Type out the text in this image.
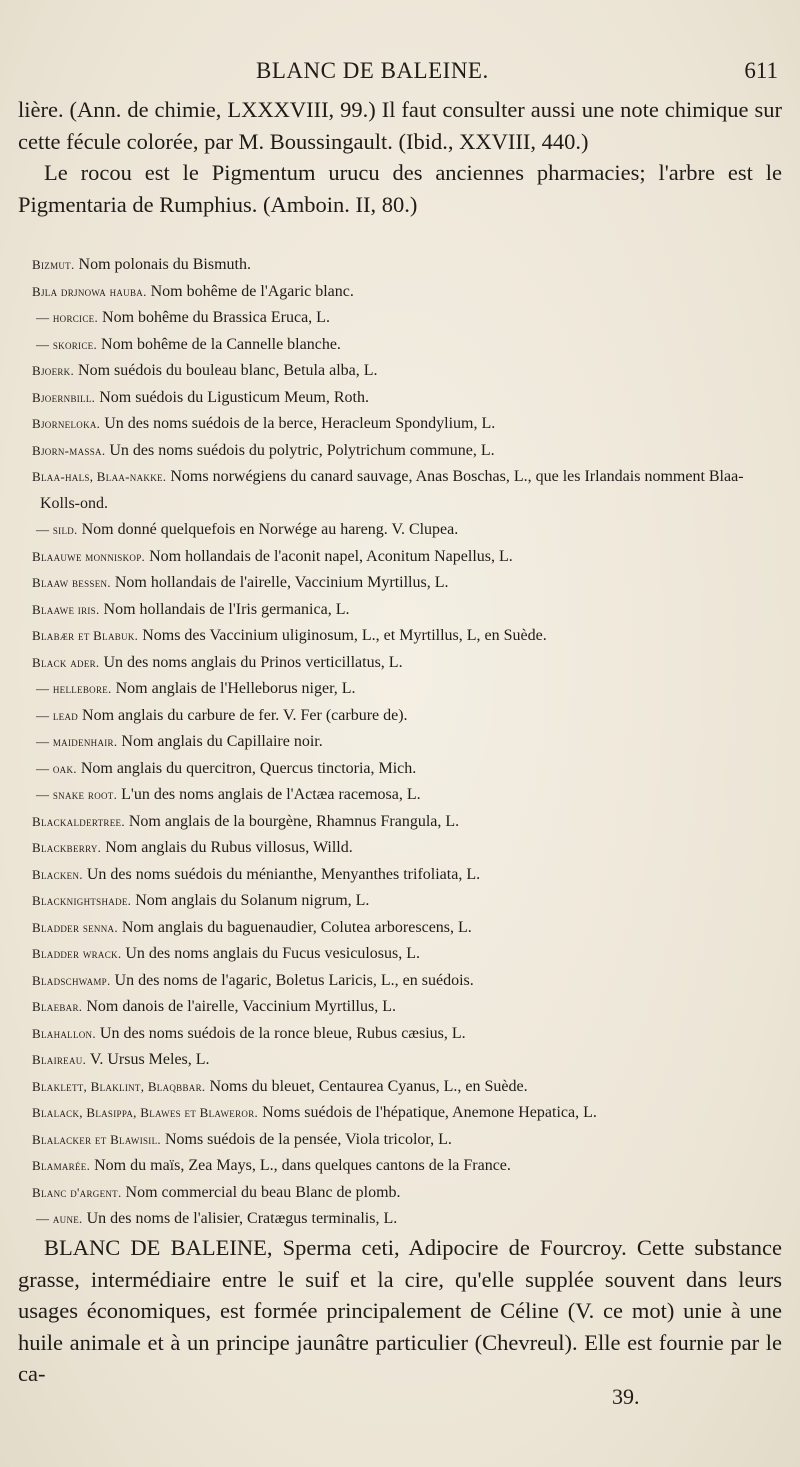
BLANC DE BALEINE.	611

lière. (Ann. de chimie, LXXXVIII, 99.) Il faut consulter aussi une note chimique sur cette fécule colorée, par M. Boussingault. (Ibid., XXVIII, 440.)

Le rocou est le Pigmentum urucu des anciennes pharmacies; l'arbre est le Pigmentaria de Rumphius. (Amboin. II, 80.)

Bizmut. Nom polonais du Bismuth.

Bjla drjnowa hauba. Nom bohême de l'Agaric blanc.

— horcice. Nom bohême du Brassica Eruca, L.

— skorice. Nom bohême de la Cannelle blanche.

Bjoerk. Nom suédois du bouleau blanc, Betula alba, L.

Bjoernbill. Nom suédois du Ligusticum Meum, Roth.

Bjornelokа. Un des noms suédois de la berce, Heracleum Spondylium, L.

Bjorn-massa. Un des noms suédois du polytric, Polytrichum commune, L.

Blaa-hals, Blaa-nakke. Noms norwégiens du canard sauvage, Anas Boschas, L., que les Irlandais nomment Blaa-Kolls-ond.

— sild. Nom donné quelquefois en Norwége au hareng. V. Clupea.

Blaauwe monniskop. Nom hollandais de l'aconit napel, Aconitum Napellus, L.

Blaaw bessen. Nom hollandais de l'airelle, Vaccinium Myrtillus, L.

Blaawe iris. Nom hollandais de l'Iris germanica, L.

Blabær et Blabuk. Noms des Vaccinium uliginosum, L., et Myrtillus, L, en Suède.

Black ader. Un des noms anglais du Prinos verticillatus, L.

— hellebore. Nom anglais de l'Helleborus niger, L.

— lead Nom anglais du carbure de fer. V. Fer (carbure de).

— maidenhair. Nom anglais du Capillaire noir.

— oak. Nom anglais du quercitron, Quercus tinctoria, Mich.

— snake root. L'un des noms anglais de l'Actæa racemosa, L.

Blackaldertree. Nom anglais de la bourgène, Rhamnus Frangula, L.

Blackberry. Nom anglais du Rubus villosus, Willd.

Blacken. Un des noms suédois du ménianthe, Menyanthes trifoliata, L.

Blacknightshade. Nom anglais du Solanum nigrum, L.

Bladder senna. Nom anglais du baguenaudier, Colutea arborescens, L.

Bladder wrack. Un des noms anglais du Fucus vesiculosus, L.

Bladschwamp. Un des noms de l'agaric, Boletus Laricis, L., en suédois.

Blaebar. Nom danois de l'airelle, Vaccinium Myrtillus, L.

Blahallon. Un des noms suédois de la ronce bleue, Rubus cæsius, L.

Blaireau. V. Ursus Meles, L.

Blaklett, Blaklint, Blaqbbar. Noms du bleuet, Centaurea Cyanus, L., en Suède.

Blalack, Blasippa, Blawes et Blaweror. Noms suédois de l'hépatique, Anemone Hepatica, L.

Blalacker et Blawisil. Noms suédois de la pensée, Viola tricolor, L.

Blamarée. Nom du maïs, Zea Mays, L., dans quelques cantons de la France.

Blanc d'argent. Nom commercial du beau Blanc de plomb.

— aune. Un des noms de l'alisier, Cratægus terminalis, L.

BLANC DE BALEINE, Sperma ceti, Adipocire de Fourcroy. Cette substance grasse, intermédiaire entre le suif et la cire, qu'elle supplée souvent dans leurs usages économiques, est formée principalement de Céline (V. ce mot) unie à une huile animale et à un principe jaunâtre particulier (Chevreul). Elle est fournie par le ca-

39.
